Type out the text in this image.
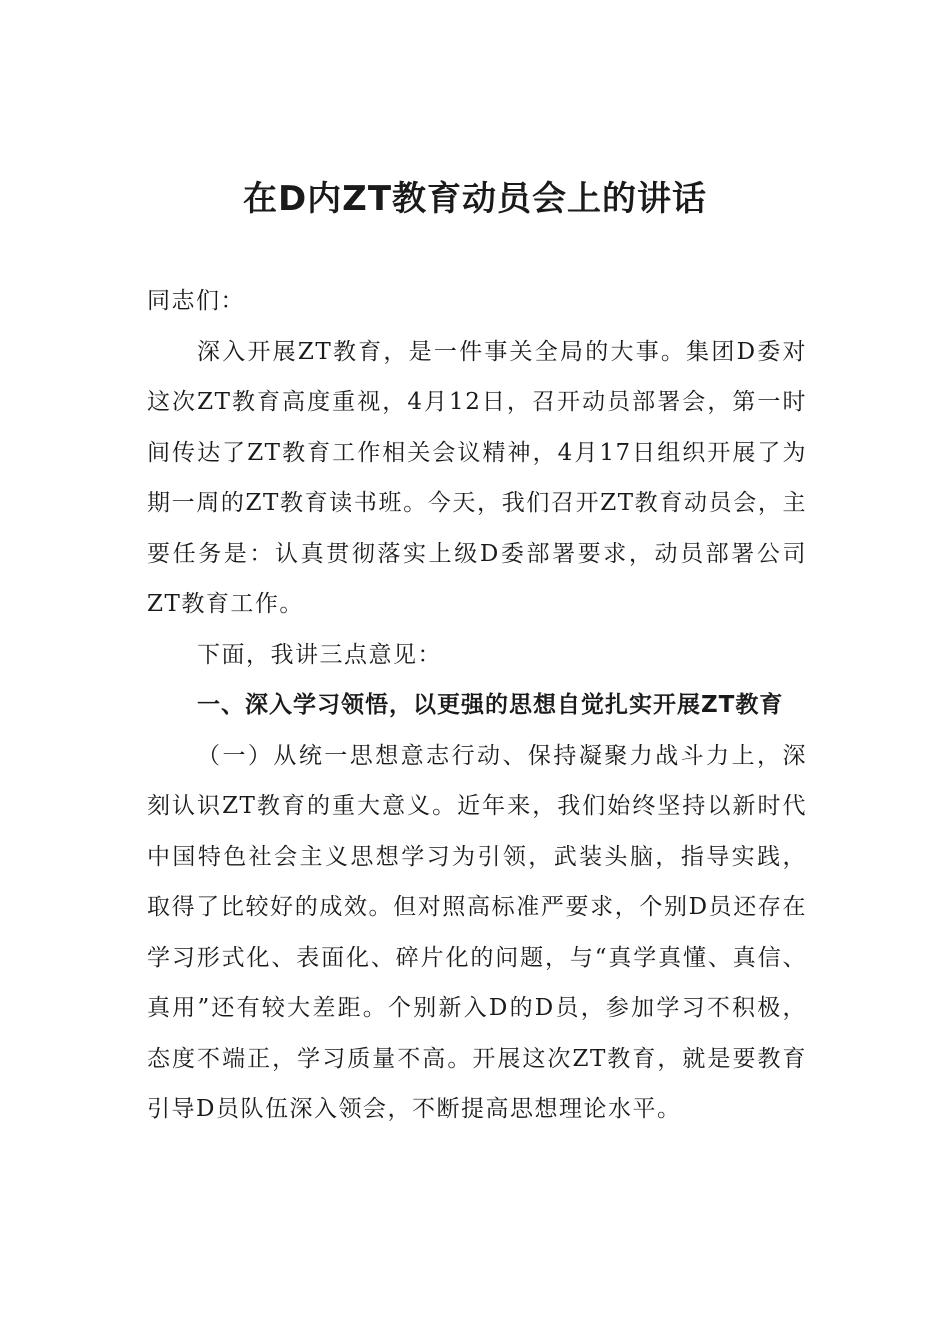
在D内ZT教育动员会上的讲话

同志们：

深入开展ZT教育，是一件事关全局的大事。集团D委对这次ZT教育高度重视，4月12日，召开动员部署会，第一时间传达了ZT教育工作相关会议精神，4月17日组织开展了为期一周的ZT教育读书班。今天，我们召开ZT教育动员会，主要任务是：认真贯彻落实上级D委部署要求，动员部署公司ZT教育工作。

下面，我讲三点意见：

一、深入学习领悟，以更强的思想自觉扎实开展ZT教育

（一）从统一思想意志行动、保持凝聚力战斗力上，深刻认识ZT教育的重大意义。近年来，我们始终坚持以新时代中国特色社会主义思想学习为引领，武装头脑，指导实践，取得了比较好的成效。但对照高标准严要求，个别D员还存在学习形式化、表面化、碎片化的问题，与“真学真懂、真信、真用”还有较大差距。个别新入D的D员，参加学习不积极，态度不端正，学习质量不高。开展这次ZT教育，就是要教育引导D员队伍深入领会，不断提高思想理论水平。
